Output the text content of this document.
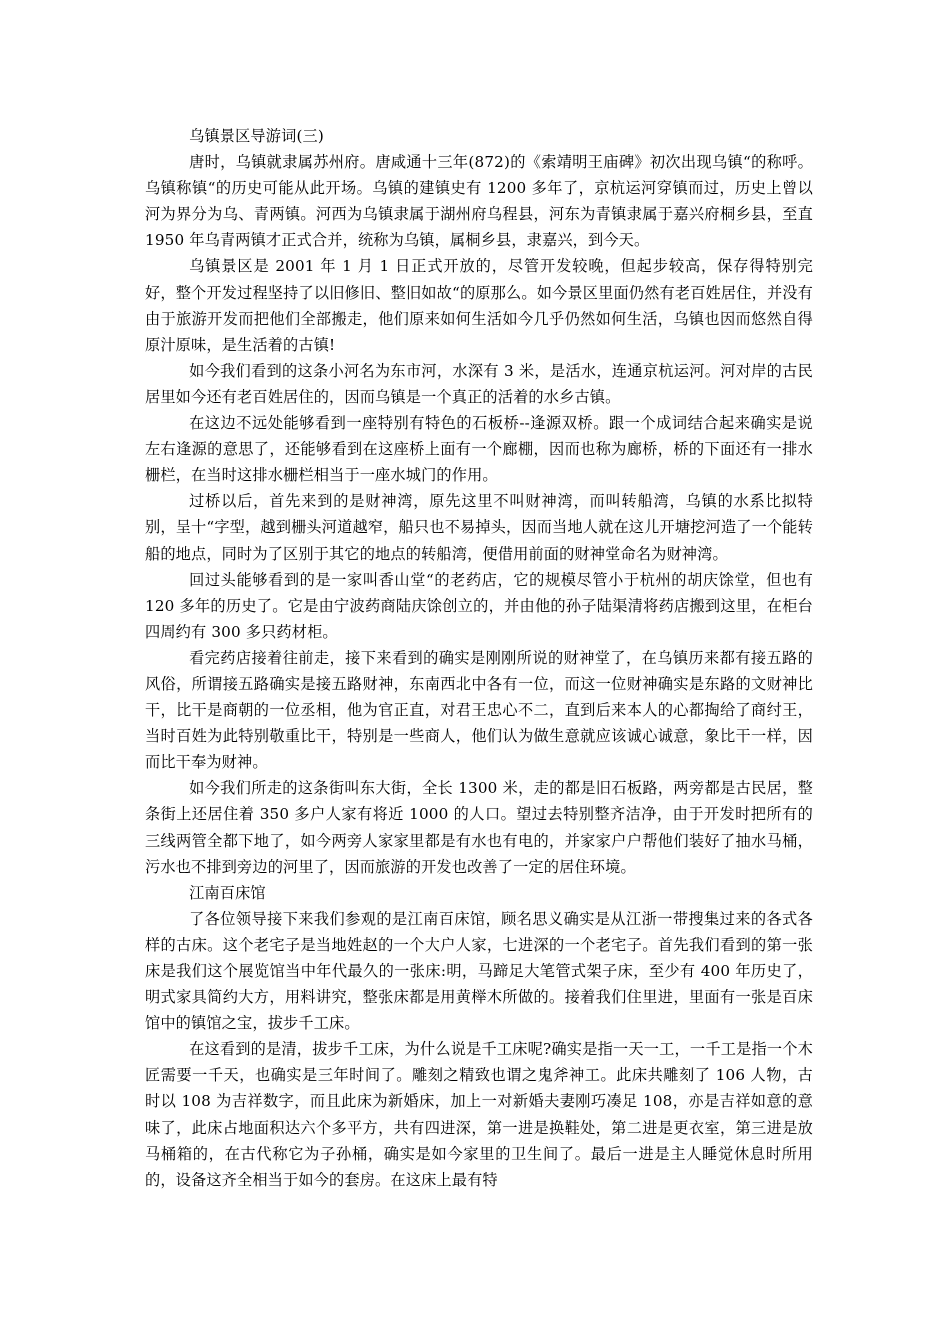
乌镇景区导游词(三)

唐时，乌镇就隶属苏州府。唐咸通十三年(872)的《索靖明王庙碑》初次出现乌镇“的称呼。乌镇称镇“的历史可能从此开场。乌镇的建镇史有 1200 多年了，京杭运河穿镇而过，历史上曾以河为界分为乌、青两镇。河西为乌镇隶属于湖州府乌程县，河东为青镇隶属于嘉兴府桐乡县，至直 1950 年乌青两镇才正式合并，统称为乌镇，属桐乡县，隶嘉兴，到今天。

乌镇景区是 2001 年 1 月 1 日正式开放的，尽管开发较晚，但起步较高，保存得特别完好，整个开发过程坚持了以旧修旧、整旧如故“的原那么。如今景区里面仍然有老百姓居住，并没有由于旅游开发而把他们全部搬走，他们原来如何生活如今几乎仍然如何生活，乌镇也因而悠然自得原汁原味，是生活着的古镇!

如今我们看到的这条小河名为东市河，水深有 3 米，是活水，连通京杭运河。河对岸的古民居里如今还有老百姓居住的，因而乌镇是一个真正的活着的水乡古镇。

在这边不远处能够看到一座特别有特色的石板桥--逢源双桥。跟一个成词结合起来确实是说左右逢源的意思了，还能够看到在这座桥上面有一个廊棚，因而也称为廊桥，桥的下面还有一排水栅栏，在当时这排水栅栏相当于一座水城门的作用。

过桥以后，首先来到的是财神湾，原先这里不叫财神湾，而叫转船湾，乌镇的水系比拟特别，呈十“字型，越到栅头河道越窄，船只也不易掉头，因而当地人就在这儿开塘挖河造了一个能转船的地点，同时为了区别于其它的地点的转船湾，便借用前面的财神堂命名为财神湾。

回过头能够看到的是一家叫香山堂“的老药店，它的规模尽管小于杭州的胡庆馀堂，但也有 120 多年的历史了。它是由宁波药商陆庆馀创立的，并由他的孙子陆渠清将药店搬到这里，在柜台四周约有 300 多只药材柜。

看完药店接着往前走，接下来看到的确实是刚刚所说的财神堂了，在乌镇历来都有接五路的风俗，所谓接五路确实是接五路财神，东南西北中各有一位，而这一位财神确实是东路的文财神比干，比干是商朝的一位丞相，他为官正直，对君王忠心不二，直到后来本人的心都掏给了商纣王，当时百姓为此特别敬重比干，特别是一些商人，他们认为做生意就应该诚心诚意，象比干一样，因而比干奉为财神。

如今我们所走的这条街叫东大街，全长 1300 米，走的都是旧石板路，两旁都是古民居，整条街上还居住着 350 多户人家有将近 1000 的人口。望过去特别整齐洁净，由于开发时把所有的三线两管全都下地了，如今两旁人家家里都是有水也有电的，并家家户户帮他们装好了抽水马桶，污水也不排到旁边的河里了，因而旅游的开发也改善了一定的居住环境。

江南百床馆

了各位领导接下来我们参观的是江南百床馆，顾名思义确实是从江浙一带搜集过来的各式各样的古床。这个老宅子是当地姓赵的一个大户人家，七进深的一个老宅子。首先我们看到的第一张床是我们这个展览馆当中年代最久的一张床:明，马蹄足大笔管式架子床，至少有 400 年历史了，明式家具简约大方，用料讲究，整张床都是用黄榉木所做的。接着我们住里进，里面有一张是百床馆中的镇馆之宝，拔步千工床。

在这看到的是清，拔步千工床，为什么说是千工床呢?确实是指一天一工，一千工是指一个木匠需要一千天，也确实是三年时间了。雕刻之精致也谓之鬼斧神工。此床共雕刻了 106 人物，古时以 108 为吉祥数字，而且此床为新婚床，加上一对新婚夫妻刚巧凑足 108，亦是吉祥如意的意味了，此床占地面积达六个多平方，共有四进深，第一进是换鞋处，第二进是更衣室，第三进是放马桶箱的，在古代称它为子孙桶，确实是如今家里的卫生间了。最后一进是主人睡觉休息时所用的，设备这齐全相当于如今的套房。在这床上最有特
